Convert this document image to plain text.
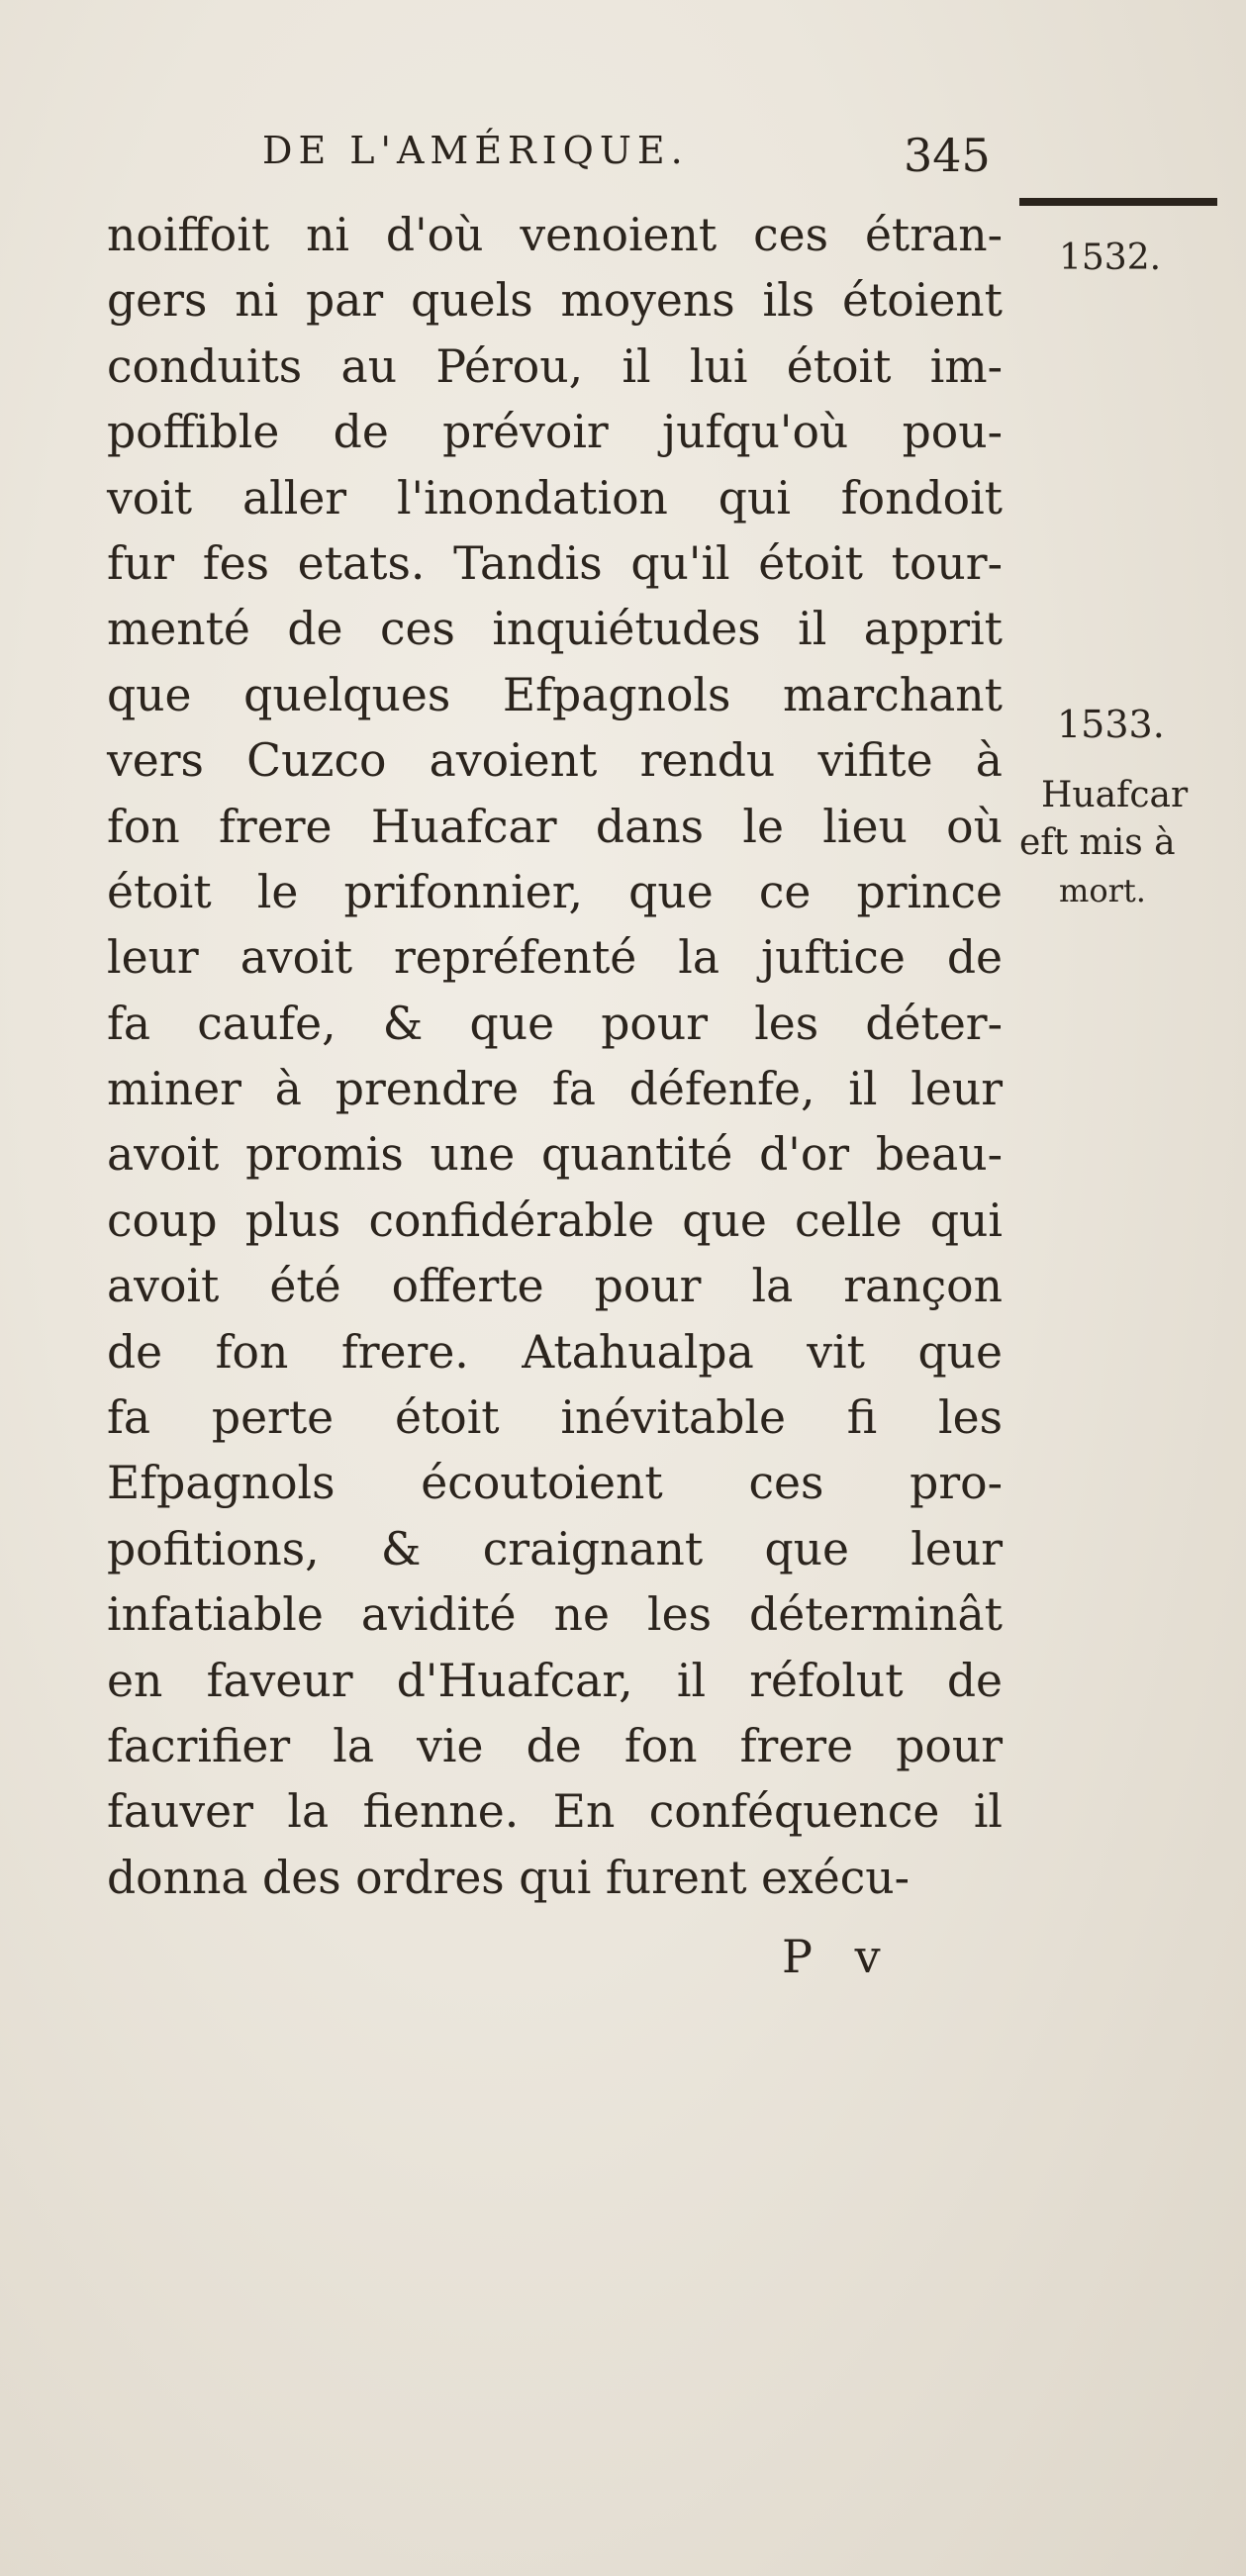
DE L'AMÉRIQUE.	345
1532.
1533.
Huafcar
eft mis à
mort.
noiffoit ni d'où venoient ces étran-
gers ni par quels moyens ils étoient
conduits au Pérou, il lui étoit im-
poffible de prévoir jufqu'où pou-
voit aller l'inondation qui fondoit
fur fes etats. Tandis qu'il étoit tour-
menté de ces inquiétudes il apprit
que quelques Efpagnols marchant
vers Cuzco avoient rendu vifite à
fon frere Huafcar dans le lieu où
étoit le prifonnier, que ce prince
leur avoit repréfenté la juftice de
fa caufe, & que pour les déter-
miner à prendre fa défenfe, il leur
avoit promis une quantité d'or beau-
coup plus confidérable que celle qui
avoit été offerte pour la rançon
de fon frere. Atahualpa vit que
fa perte étoit inévitable fi les
Efpagnols écoutoient ces pro-
pofitions, & craignant que leur
infatiable avidité ne les déterminât
en faveur d'Huafcar, il réfolut de
facrifier la vie de fon frere pour
fauver la fienne. En conféquence il
donna des ordres qui furent exécu-
P v
